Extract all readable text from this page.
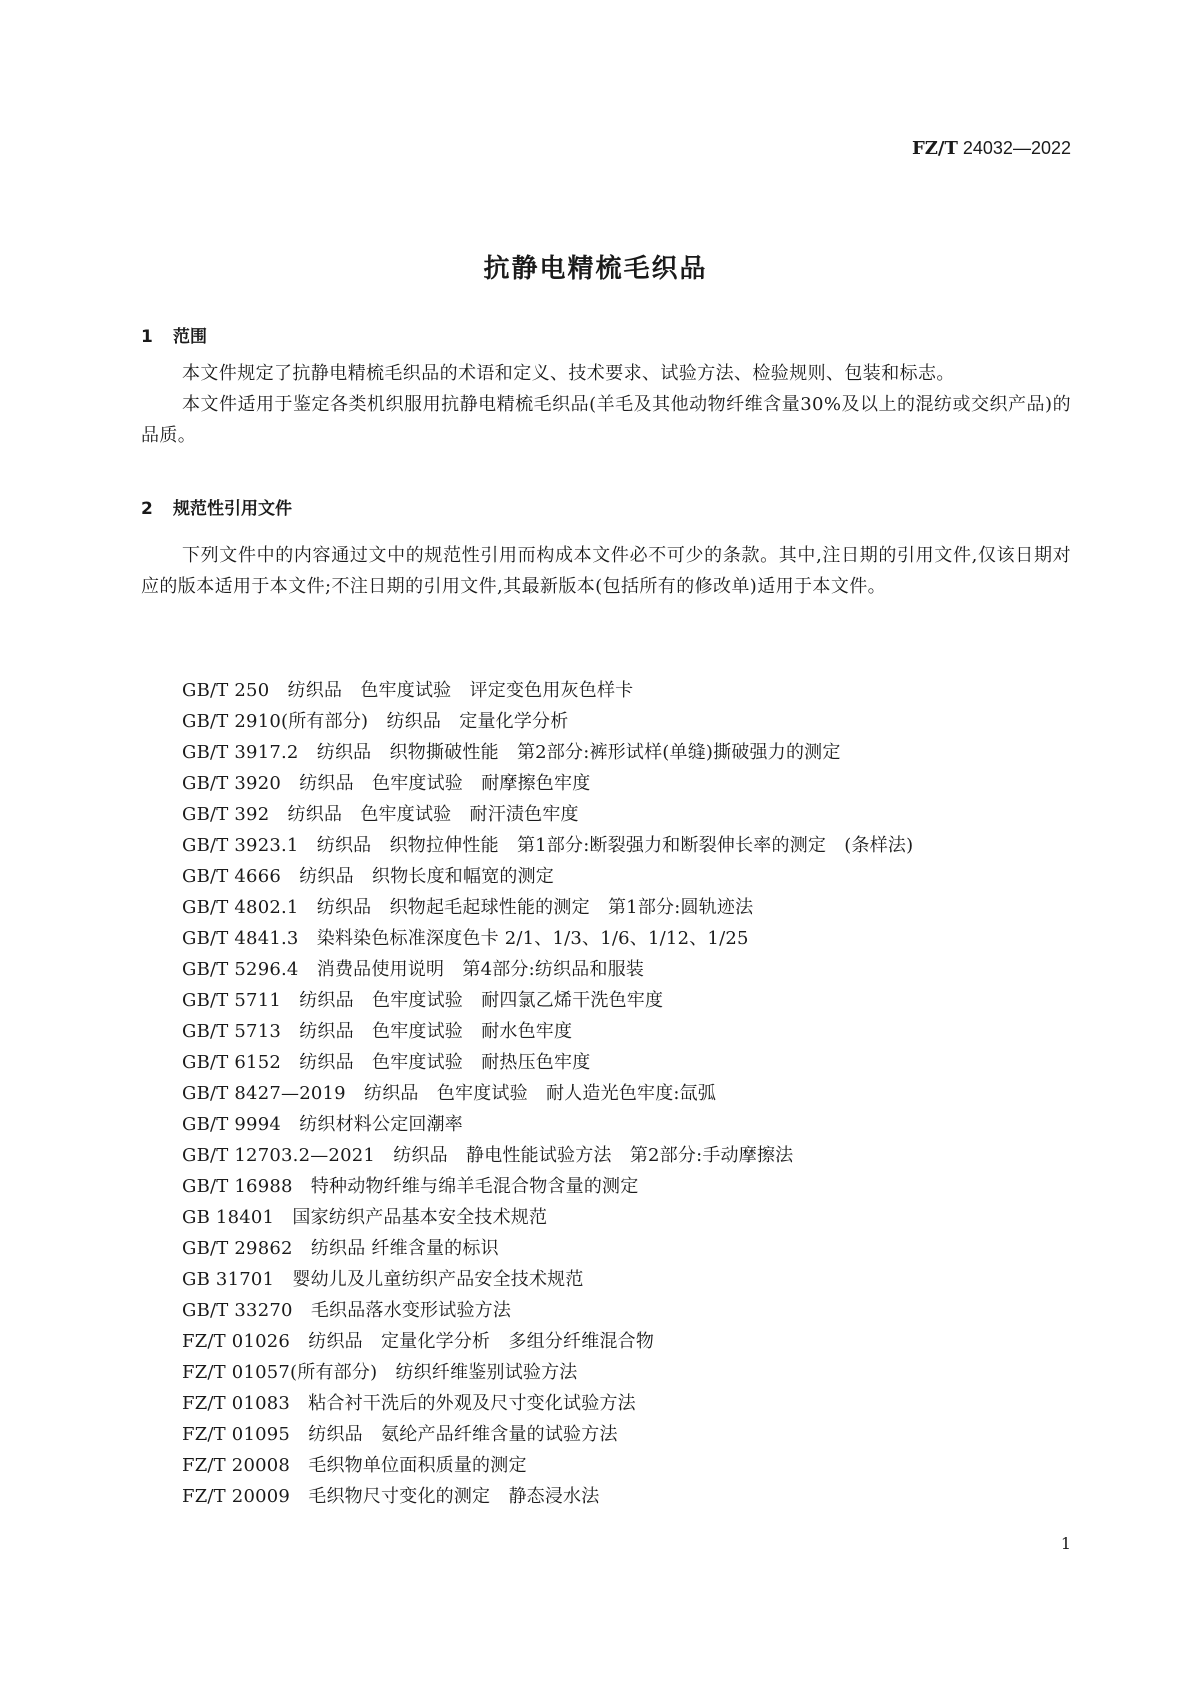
FZ/T 24032—2022
抗静电精梳毛织品
1 范围

本文件规定了抗静电精梳毛织品的术语和定义、技术要求、试验方法、检验规则、包装和标志。

本文件适用于鉴定各类机织服用抗静电精梳毛织品(羊毛及其他动物纤维含量30%及以上的混纺或交织产品)的品质。

2 规范性引用文件

下列文件中的内容通过文中的规范性引用而构成本文件必不可少的条款。其中,注日期的引用文件,仅该日期对应的版本适用于本文件;不注日期的引用文件,其最新版本(包括所有的修改单)适用于本文件。

GB/T 250　纺织品　色牢度试验　评定变色用灰色样卡
GB/T 2910(所有部分)　纺织品　定量化学分析
GB/T 3917.2　纺织品　织物撕破性能　第2部分:裤形试样(单缝)撕破强力的测定
GB/T 3920　纺织品　色牢度试验　耐摩擦色牢度
GB/T 392　纺织品　色牢度试验　耐汗渍色牢度
GB/T 3923.1　纺织品　织物拉伸性能　第1部分:断裂强力和断裂伸长率的测定　(条样法)
GB/T 4666　纺织品　织物长度和幅宽的测定
GB/T 4802.1　纺织品　织物起毛起球性能的测定　第1部分:圆轨迹法
GB/T 4841.3　染料染色标准深度色卡 2/1、1/3、1/6、1/12、1/25
GB/T 5296.4　消费品使用说明　第4部分:纺织品和服装
GB/T 5711　纺织品　色牢度试验　耐四氯乙烯干洗色牢度
GB/T 5713　纺织品　色牢度试验　耐水色牢度
GB/T 6152　纺织品　色牢度试验　耐热压色牢度
GB/T 8427—2019　纺织品　色牢度试验　耐人造光色牢度:氙弧
GB/T 9994　纺织材料公定回潮率
GB/T 12703.2—2021　纺织品　静电性能试验方法　第2部分:手动摩擦法
GB/T 16988　特种动物纤维与绵羊毛混合物含量的测定
GB 18401　国家纺织产品基本安全技术规范
GB/T 29862　纺织品 纤维含量的标识
GB 31701　婴幼儿及儿童纺织产品安全技术规范
GB/T 33270　毛织品落水变形试验方法
FZ/T 01026　纺织品　定量化学分析　多组分纤维混合物
FZ/T 01057(所有部分)　纺织纤维鉴别试验方法
FZ/T 01083　粘合衬干洗后的外观及尺寸变化试验方法
FZ/T 01095　纺织品　氨纶产品纤维含量的试验方法
FZ/T 20008　毛织物单位面积质量的测定
FZ/T 20009　毛织物尺寸变化的测定　静态浸水法
1
